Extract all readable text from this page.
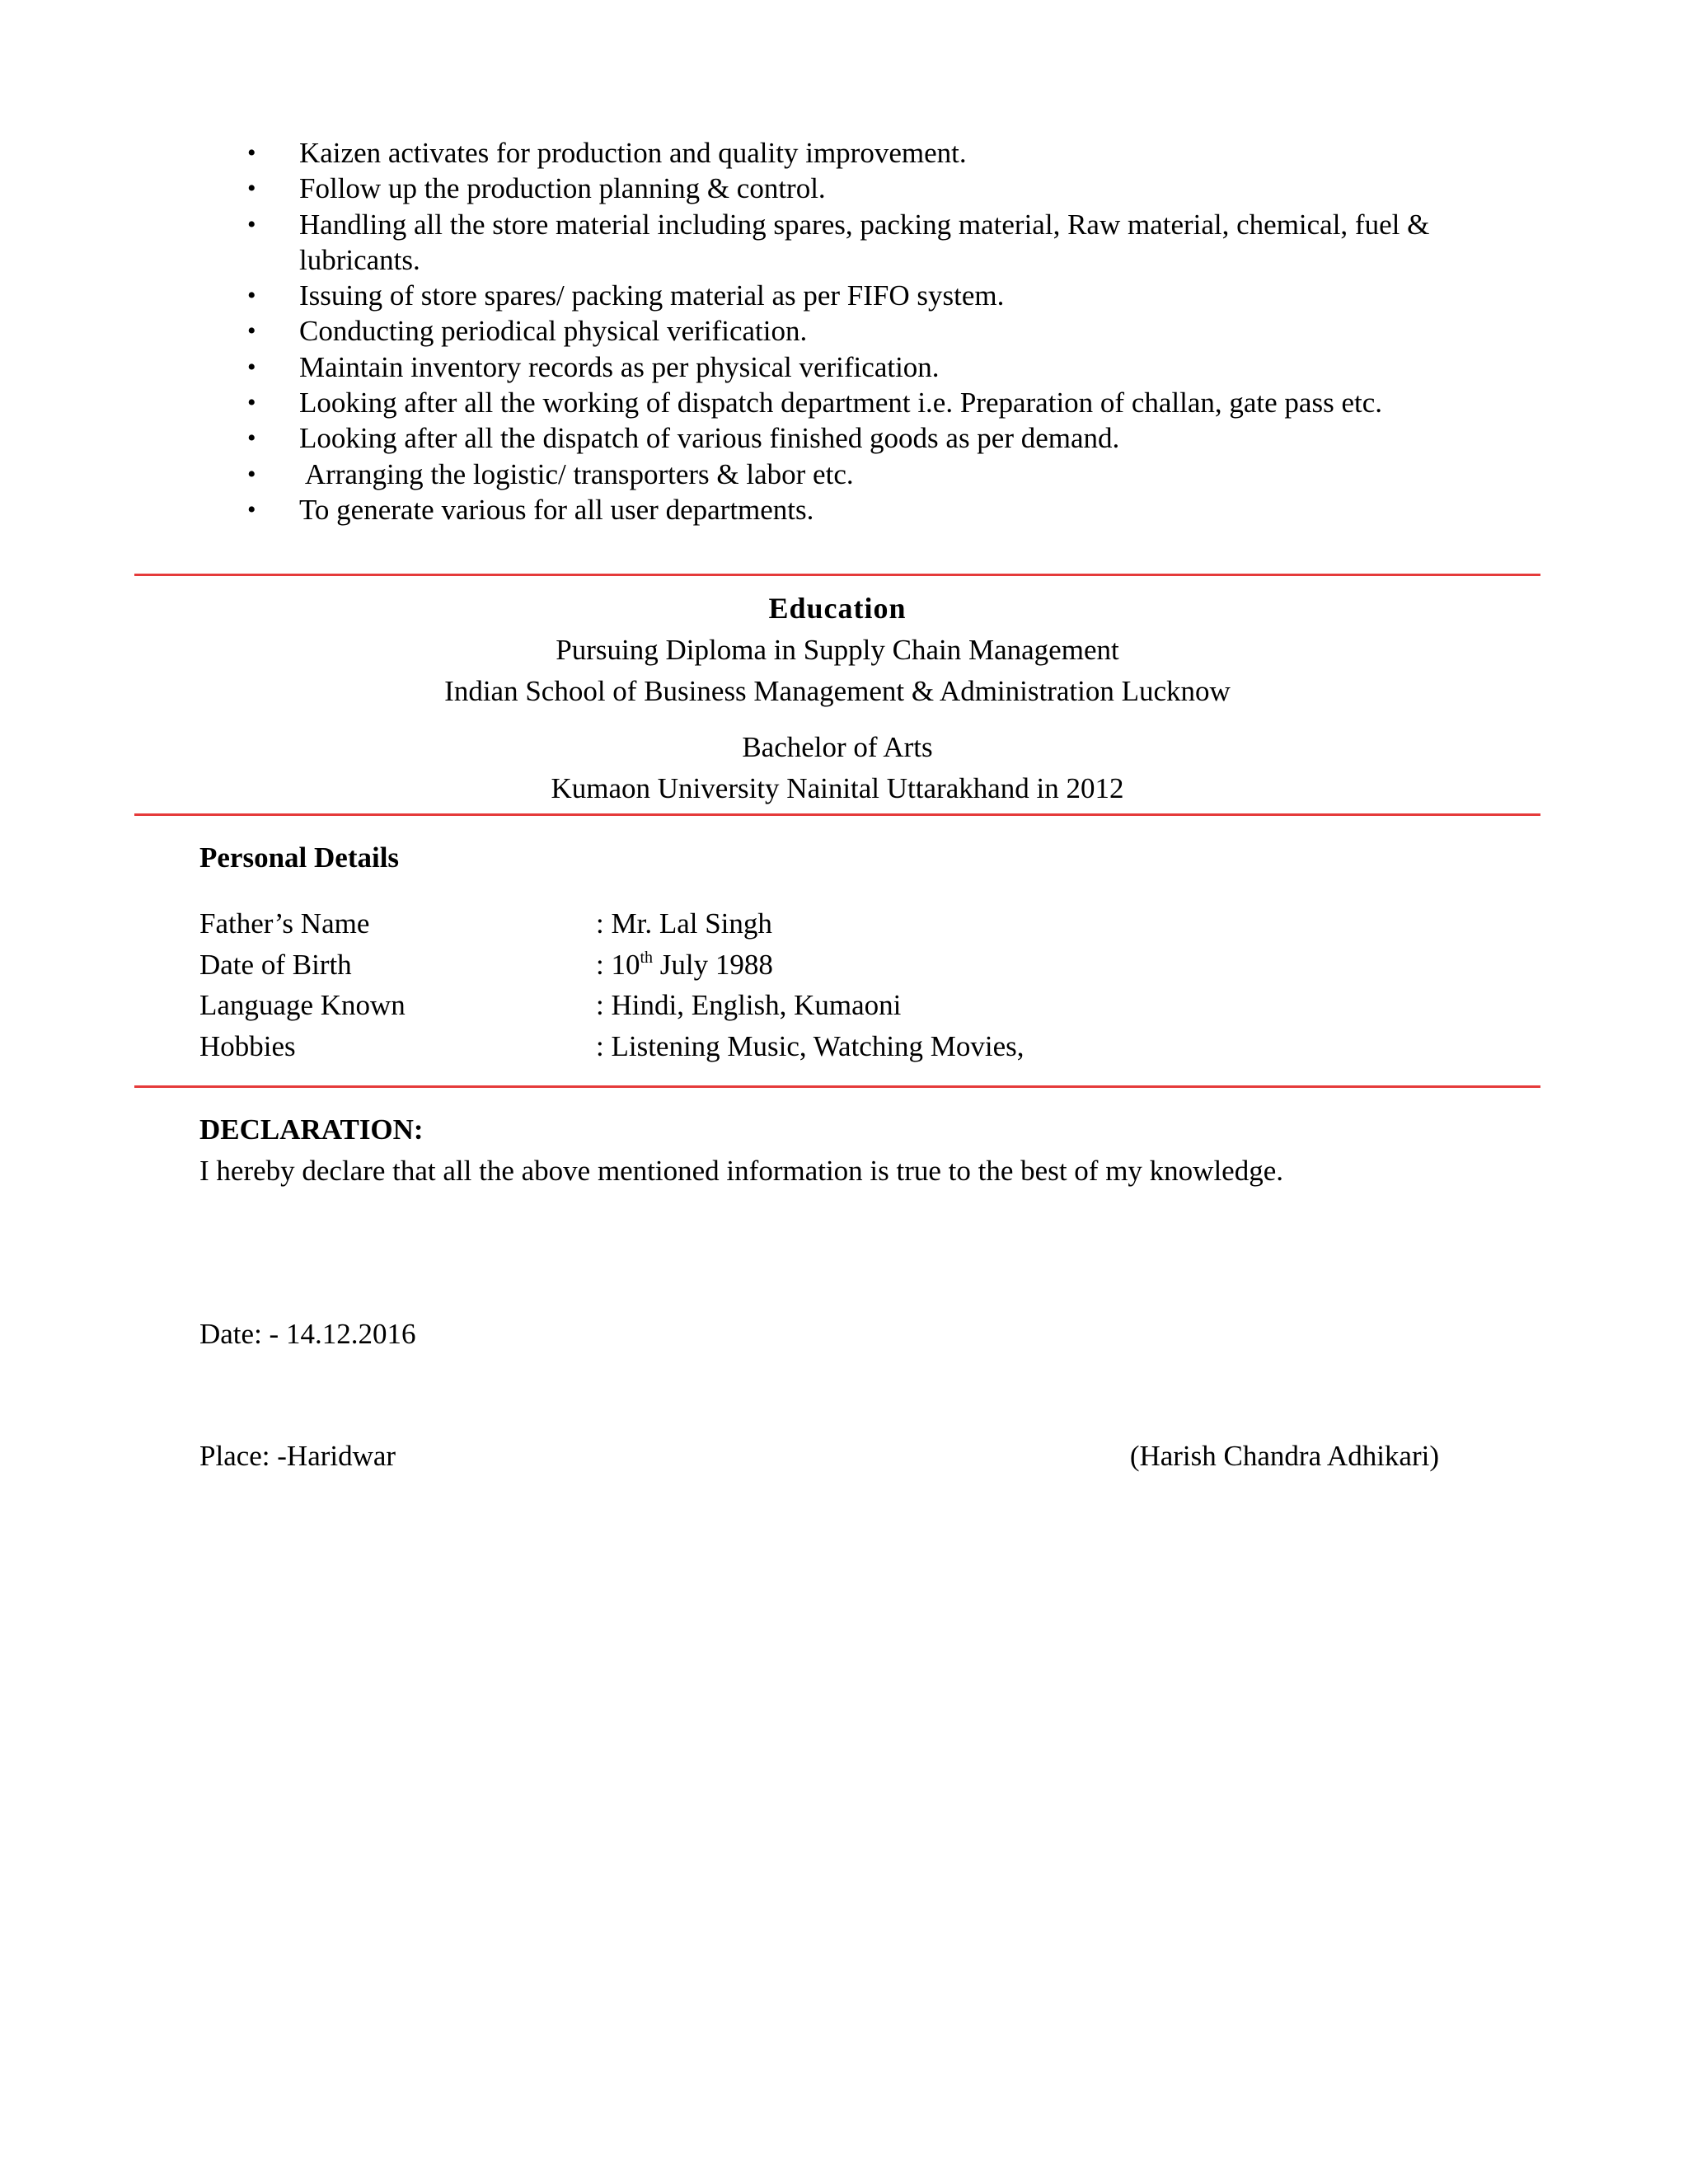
•	Kaizen activates for production and quality improvement.
•	Follow up the production planning & control.
•	Handling all the store material including spares, packing material, Raw material, chemical, fuel & lubricants.
•	Issuing of store spares/ packing material as per FIFO system.
•	Conducting periodical physical verification.
•	Maintain inventory records as per physical verification.
•	Looking after all the working of dispatch department i.e. Preparation of challan, gate pass etc.
•	Looking after all the dispatch of various finished goods as per demand.
•	Arranging the logistic/ transporters & labor etc.
•	To generate various for all user departments.
Education
Pursuing Diploma in Supply Chain Management
Indian School of Business Management & Administration Lucknow
Bachelor of Arts
Kumaon University Nainital Uttarakhand in 2012
Personal Details
Father’s Name	: Mr. Lal Singh
Date of Birth	: 10th July 1988
Language Known	: Hindi, English, Kumaoni
Hobbies	: Listening Music, Watching Movies,
DECLARATION:
I hereby declare that all the above mentioned information is true to the best of my knowledge.
Date: - 14.12.2016
Place: -Haridwar	(Harish Chandra Adhikari)
